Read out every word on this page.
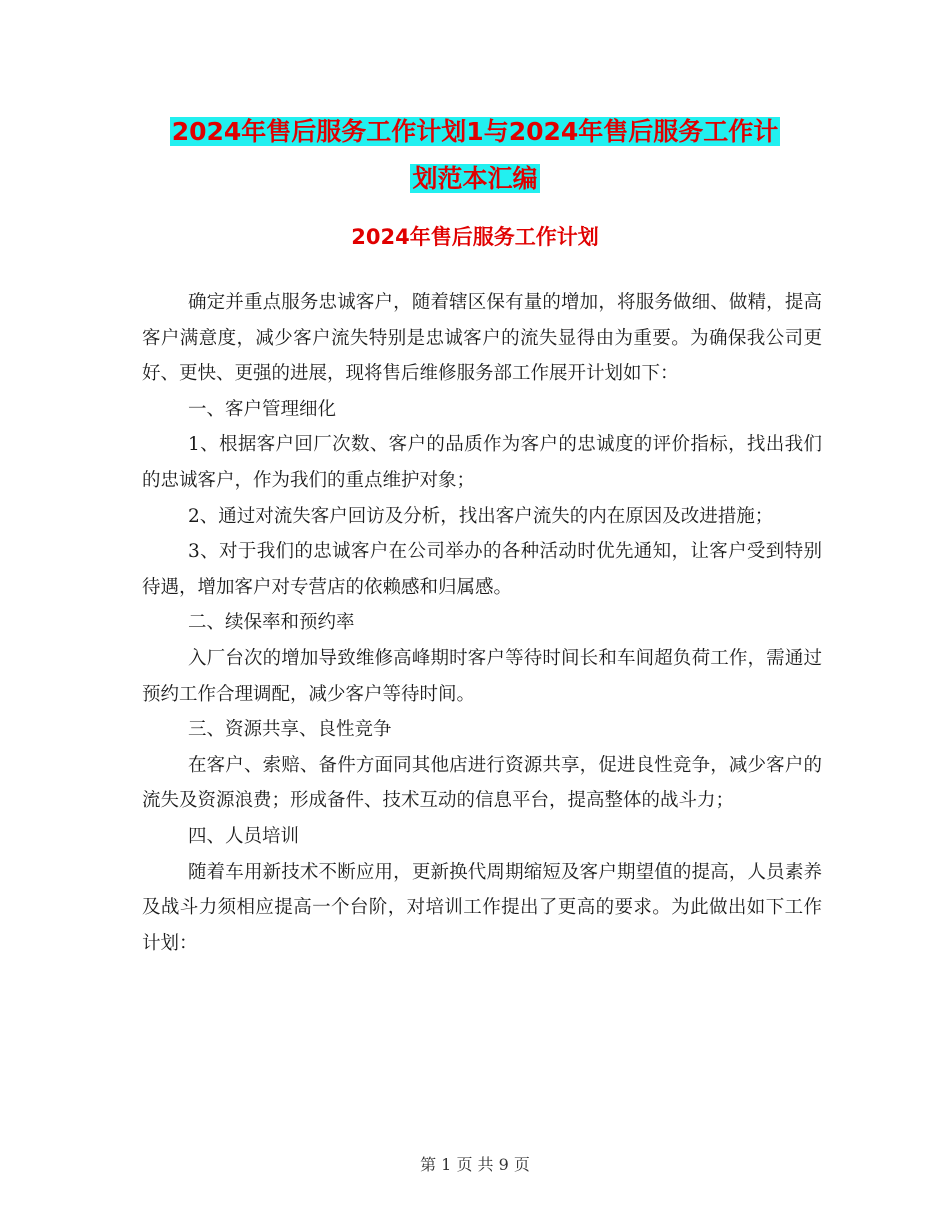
2024年售后服务工作计划1与2024年售后服务工作计
划范本汇编
2024年售后服务工作计划

确定并重点服务忠诚客户，随着辖区保有量的增加，将服务做细、做精，提高客户满意度，减少客户流失特别是忠诚客户的流失显得由为重要。为确保我公司更好、更快、更强的进展，现将售后维修服务部工作展开计划如下：

一、客户管理细化

1、根据客户回厂次数、客户的品质作为客户的忠诚度的评价指标，找出我们的忠诚客户，作为我们的重点维护对象；

2、通过对流失客户回访及分析，找出客户流失的内在原因及改进措施；

3、对于我们的忠诚客户在公司举办的各种活动时优先通知，让客户受到特别待遇，增加客户对专营店的依赖感和归属感。

二、续保率和预约率

入厂台次的增加导致维修高峰期时客户等待时间长和车间超负荷工作，需通过预约工作合理调配，减少客户等待时间。

三、资源共享、良性竞争

在客户、索赔、备件方面同其他店进行资源共享，促进良性竞争，减少客户的流失及资源浪费；形成备件、技术互动的信息平台，提高整体的战斗力；

四、人员培训

随着车用新技术不断应用，更新换代周期缩短及客户期望值的提高，人员素养及战斗力须相应提高一个台阶，对培训工作提出了更高的要求。为此做出如下工作计划：

第 1 页 共 9 页
